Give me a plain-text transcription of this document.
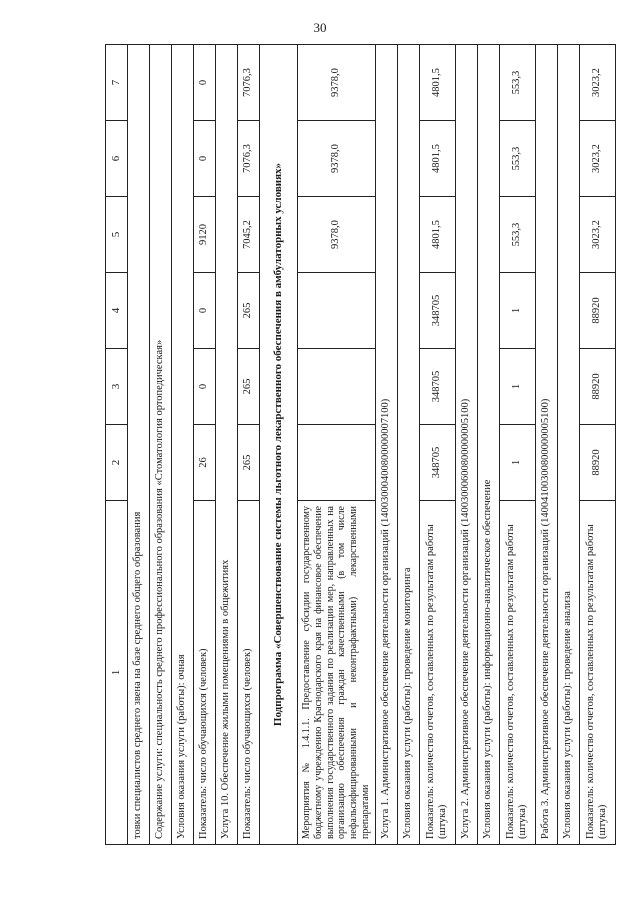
30
1	2	3	4	5	6	7
товки специалистов среднего звена на базе среднего общего образования						
Содержание услуги: специальность среднего профессионального образования «Стоматология ортопедическая»						
Условия оказания услуги (работы): очная						
Показатель: число обучающихся (человек)	26	0	0	9120	0	0
Услуга 10. Обеспечение жилыми помещениями в общежитиях						
Показатель: число обучающихся (человек)	265	265	265	7045,2	7076,3	7076,3
Подпрограмма «Совершенствование системы льготного лекарственного обеспечения в амбулаторных условиях»						
Мероприятия № 1.4.1.1. Предоставление субсидии государственному бюджетному учреждению Краснодарского края на финансовое обеспечение выполнения государственного задания по реализации мер, направленных на организацию обеспечения граждан качественными (в том числе нефальсифицированными и неконтрафактными) лекарственными препаратами				9378,0	9378,0	9378,0
Услуга 1. Административное обеспечение деятельности организаций (14003000400800000007100)						
Условия оказания услуги (работы): проведение мониторинга						
Показатель: количество отчетов, составленных по результатам работы (штука)	348705	348705	348705	4801,5	4801,5	4801,5
Услуга 2. Административное обеспечение деятельности организаций (14003000600800000005100)						
Условия оказания услуги (работы): информационно-аналитическое обеспечение						
Показатель: количество отчетов, составленных по результатам работы (штука)	1	1	1	553,3	553,3	553,3
Работа 3. Административное обеспечение деятельности организаций (14004100300800000005100)						
Условия оказания услуги (работы): проведение анализа						
Показатель: количество отчетов, составленных по результатам работы (штука)	88920	88920	88920	3023,2	3023,2	3023,2
